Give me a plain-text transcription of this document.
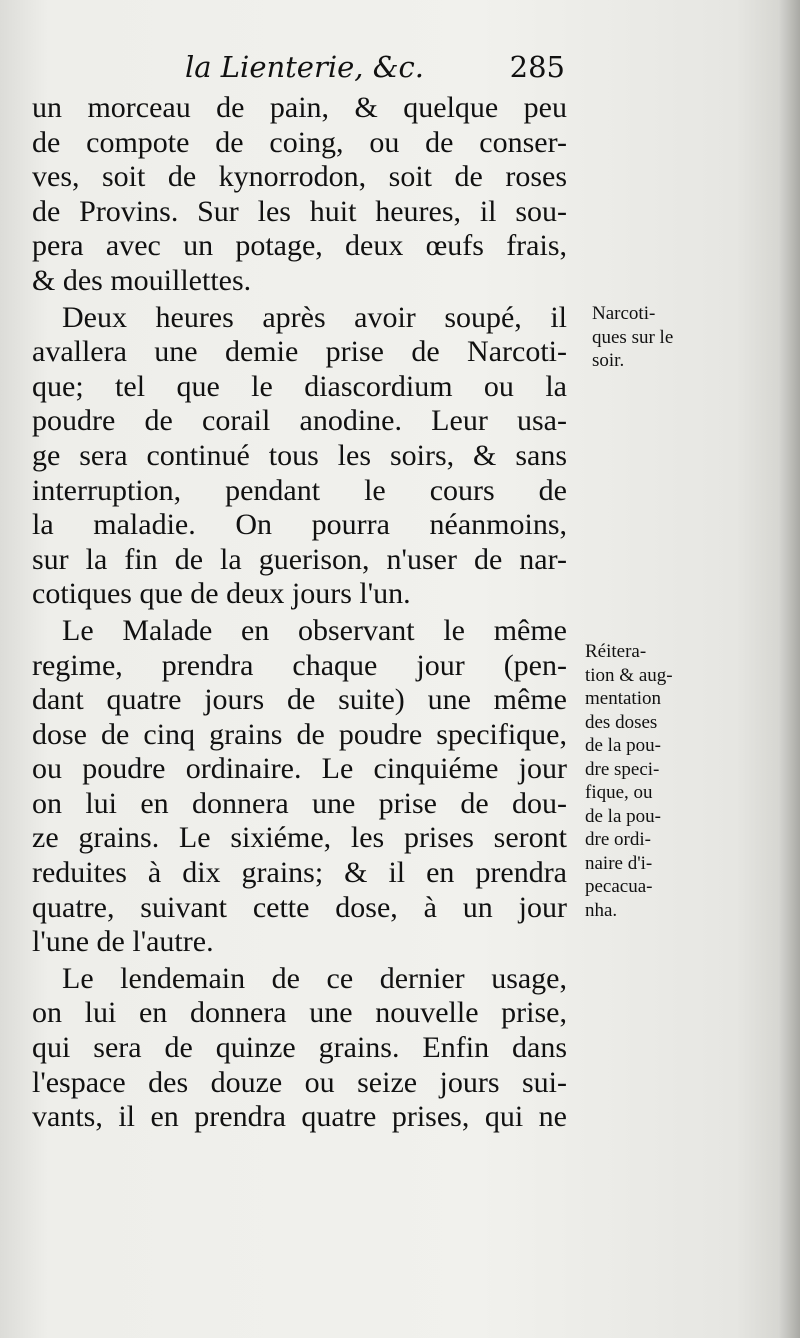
la Lienterie, &c.	285
un morceau de pain, & quelque peu
de compote de coing, ou de conser-
ves, soit de kynorrodon, soit de roses
de Provins. Sur les huit heures, il sou-
pera avec un potage, deux œufs frais,
& des mouillettes.
Deux heures après avoir soupé, il
avallera une demie prise de Narcoti-
que; tel que le diascordium ou la
poudre de corail anodine. Leur usa-
ge sera continué tous les soirs, & sans
interruption, pendant le cours de
la maladie. On pourra néanmoins,
sur la fin de la guerison, n'user de nar-
cotiques que de deux jours l'un.
Le Malade en observant le même
regime, prendra chaque jour (pen-
dant quatre jours de suite) une même
dose de cinq grains de poudre specifique,
ou poudre ordinaire. Le cinquiéme jour
on lui en donnera une prise de dou-
ze grains. Le sixiéme, les prises seront
reduites à dix grains; & il en prendra
quatre, suivant cette dose, à un jour
l'une de l'autre.
Le lendemain de ce dernier usage,
on lui en donnera une nouvelle prise,
qui sera de quinze grains. Enfin dans
l'espace des douze ou seize jours sui-
vants, il en prendra quatre prises, qui ne
Narcoti-
ques sur le
soir.
Réitera-
tion & aug-
mentation
des doses
de la pou-
dre speci-
fique, ou
de la pou-
dre ordi-
naire d'i-
pecacua-
nha.
